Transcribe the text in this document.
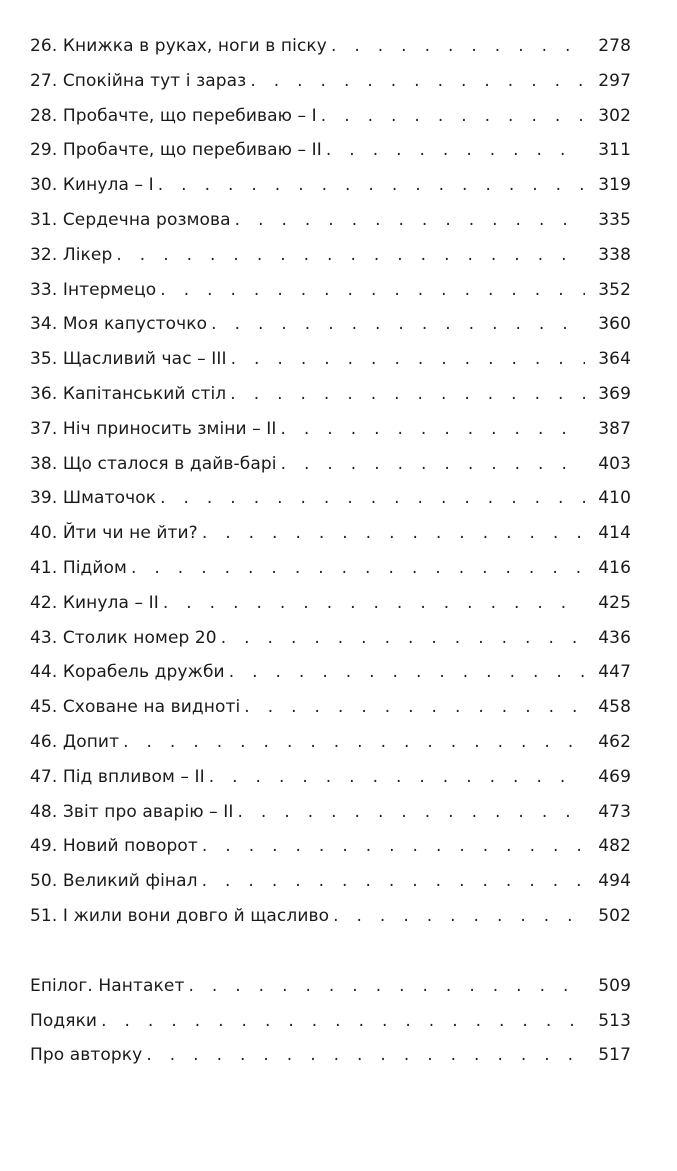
26. Книжка в руках, ноги в піску . . .	278
27. Спокійна тут і зараз . . .	297
28. Пробачте, що перебиваю – I . . .	302
29. Пробачте, що перебиваю – II . . .	311
30. Кинула – I . . .	319
31. Сердечна розмова . . .	335
32. Лікер . . .	338
33. Інтермецо . . .	352
34. Моя капусточко . . .	360
35. Щасливий час – III . . .	364
36. Капітанський стіл . . .	369
37. Ніч приносить зміни – II . . .	387
38. Що сталося в дайв-барі . . .	403
39. Шматочок . . .	410
40. Йти чи не йти? . . .	414
41. Підйом . . .	416
42. Кинула – II . . .	425
43. Столик номер 20 . . .	436
44. Корабель дружби . . .	447
45. Сховане на видноті . . .	458
46. Допит . . .	462
47. Під впливом – II . . .	469
48. Звіт про аварію – II . . .	473
49. Новий поворот . . .	482
50. Великий фінал . . .	494
51. І жили вони довго й щасливо . . .	502
Епілог. Нантакет . . .	509
Подяки . . .	513
Про авторку . . .	517
